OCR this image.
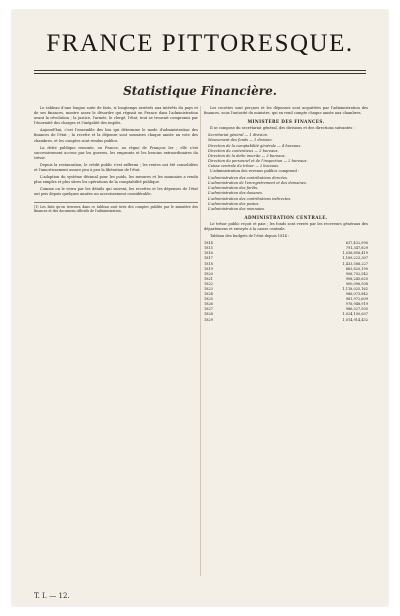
FRANCE PITTORESQUE.
Statistique Financière.

Le tableau d'une longue suite de faits, si longtemps arriérés aux intérêts du pays et de ses finances, montre assez le désordre qui régnait en France dans l'administration avant la révolution ; la justice, l'armée, le clergé, l'état, tout se trouvait compromis par l'énormité des charges et l'inégalité des impôts.

Aujourd'hui, c'est l'ensemble des lois qui détermine le mode d'administration des finances de l'état ; la recette et la dépense sont soumises chaque année au vote des chambres, et les comptes sont rendus publics.

La dette publique remonte, en France, au règne de François Ier ; elle s'est successivement accrue par les guerres, les emprunts et les besoins extraordinaires du trésor.

Depuis la restauration, le crédit public s'est raffermi ; les rentes ont été consolidées et l'amortissement assure peu à peu la libération de l'état.

L'adoption du système décimal pour les poids, les mesures et les monnaies a rendu plus simples et plus sûres les opérations de la comptabilité publique.

Comme on le verra par les détails qui suivent, les recettes et les dépenses de l'état ont pris depuis quelques années un accroissement considérable.

(1) Les faits qu'on trouvera dans ce tableau sont tirés des comptes publiés par le ministère des finances et des documens officiels de l'administration.

Les recettes sont perçues et les dépenses sont acquittées par l'administration des finances, sous l'autorité du ministre, qui en rend compte chaque année aux chambres.

MINISTÈRE DES FINANCES.

Il se compose du secrétariat général, des divisions et des directions suivantes :

Secrétariat général — 1 division.
Mouvement des fonds — 1 division.
Direction de la comptabilité générale — 4 bureaux.
Direction du contentieux — 2 bureaux.
Direction de la dette inscrite — 3 bureaux.
Direction du personnel et de l'inspection — 2 bureaux.
Caisse centrale du trésor — 2 bureaux.

L'administration des revenus publics comprend :

L'administration des contributions directes.
L'administration de l'enregistrement et des domaines.
L'administration des forêts.
L'administration des douanes.
L'administration des contributions indirectes.
L'administration des postes.
L'administration des monnaies.
ADMINISTRATION CENTRALE.

Le trésor public reçoit et paie ; les fonds sont versés par les receveurs généraux des départemens et envoyés à la caisse centrale.

Tableau des budgets de l'état depuis 1814 :

1814	637,432,990
1815	791,347,829
1816	1,036,856,419
1817	1,189,223,307
1818	1,433,588,227
1819	863,820,190
1820	906,702,542
1821	908,245,620
1822	900,096,508
1823	1,118,025,162
1824	986,073,842
1825	981,972,609
1826	976,948,919
1827	986,527,505
1828	1,024,100,637
1829	1,014,914,432
T. I. — 12.
